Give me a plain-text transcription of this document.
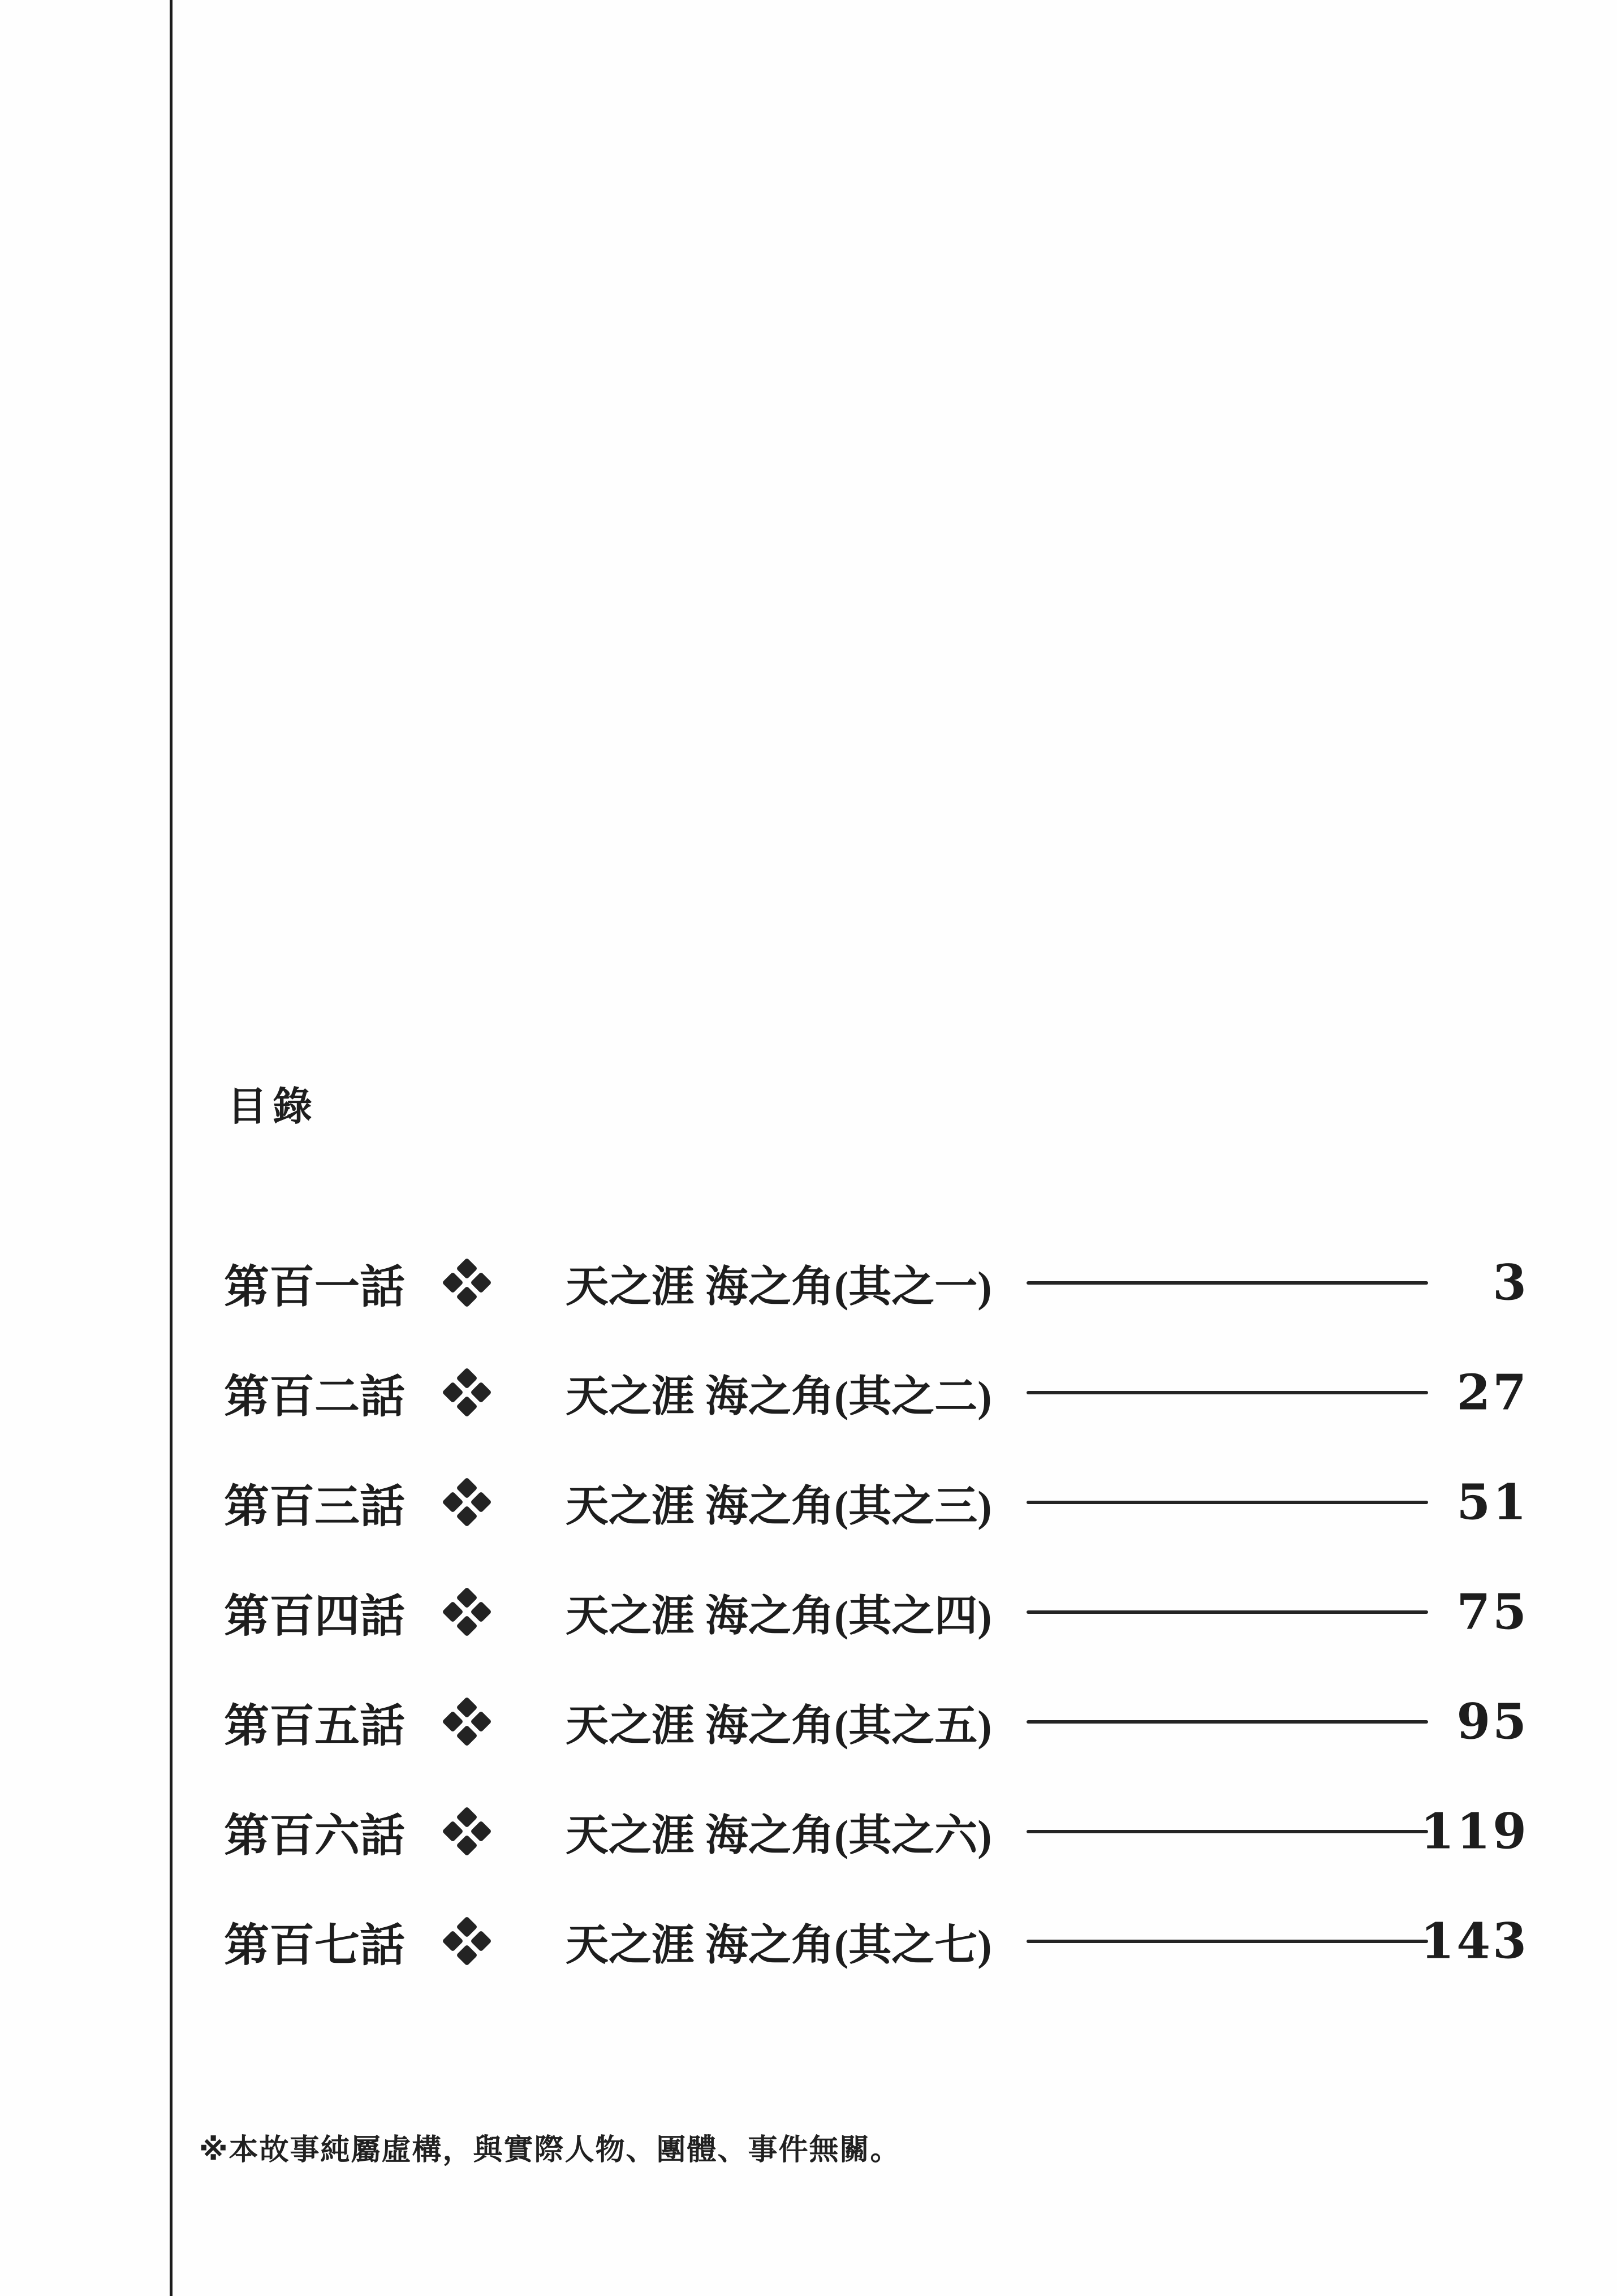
目錄
第百一話	天之涯 海之角(其之一)	3
第百二話	天之涯 海之角(其之二)	27
第百三話	天之涯 海之角(其之三)	51
第百四話	天之涯 海之角(其之四)	75
第百五話	天之涯 海之角(其之五)	95
第百六話	天之涯 海之角(其之六)	119
第百七話	天之涯 海之角(其之七)	143
※本故事純屬虛構，與實際人物、團體、事件無關。
